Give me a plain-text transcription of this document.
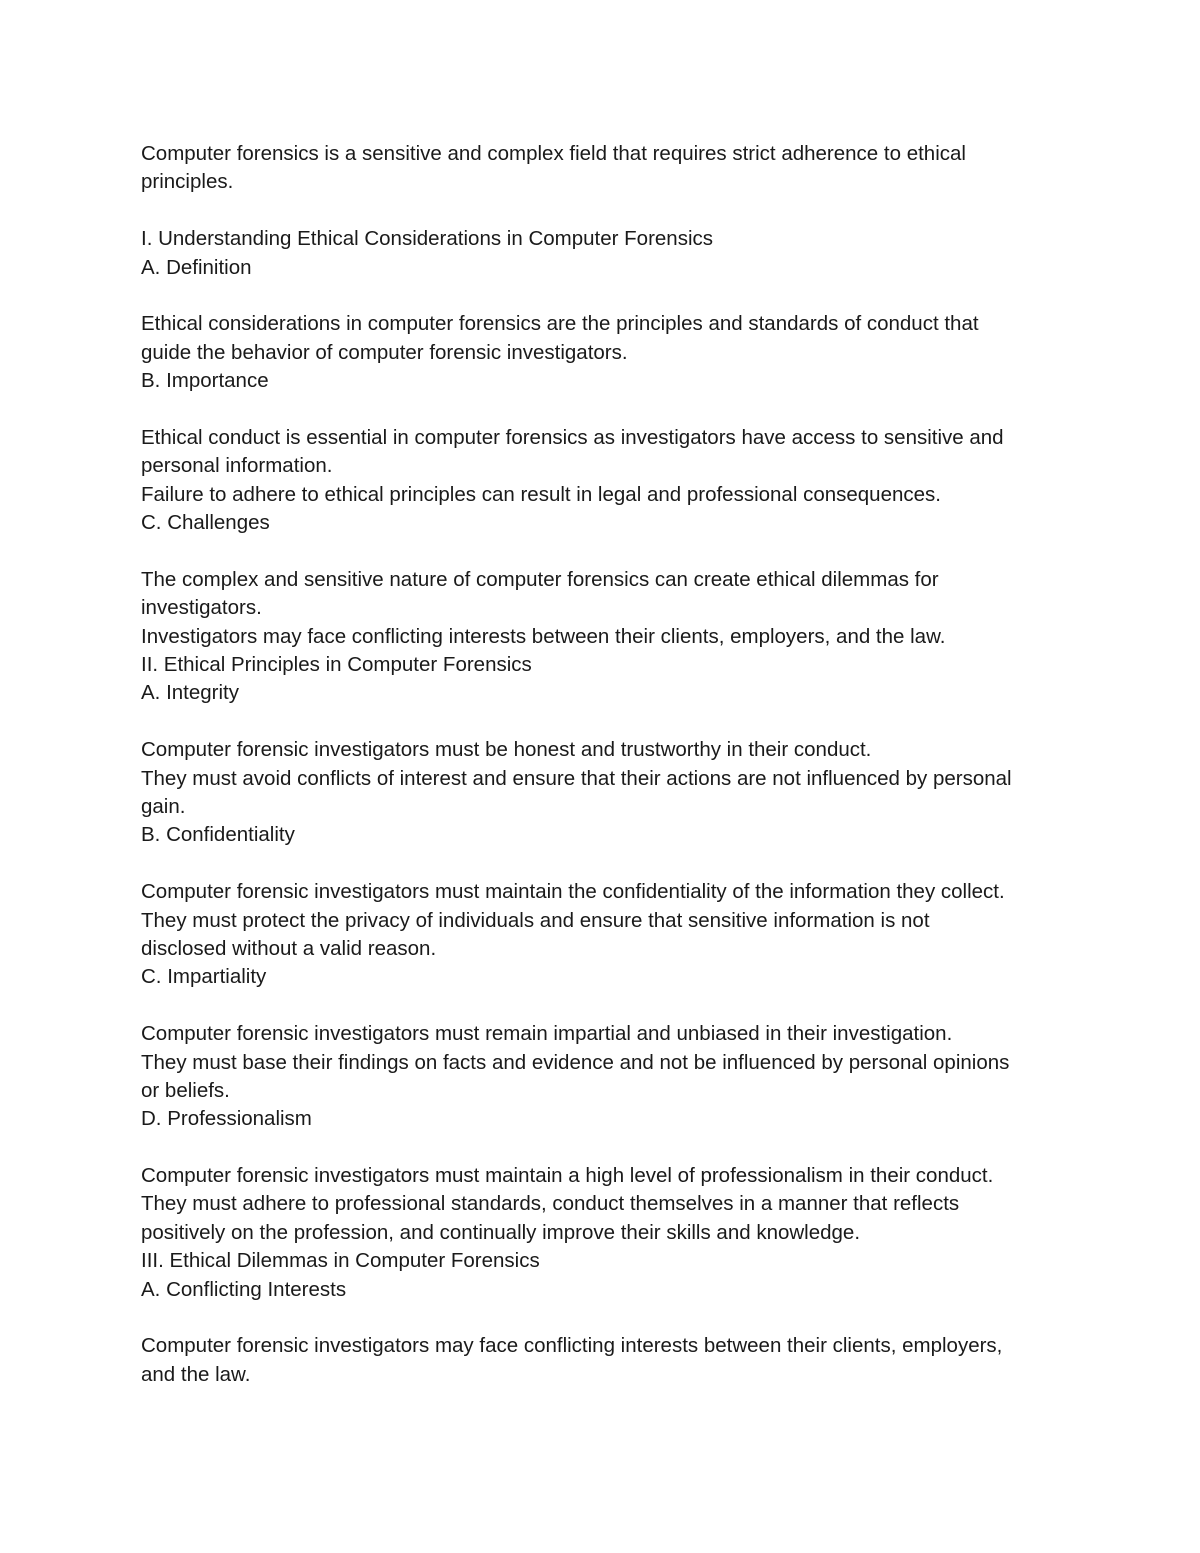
Computer forensics is a sensitive and complex field that requires strict adherence to ethical
principles.
I. Understanding Ethical Considerations in Computer Forensics
A. Definition
Ethical considerations in computer forensics are the principles and standards of conduct that
guide the behavior of computer forensic investigators.
B. Importance
Ethical conduct is essential in computer forensics as investigators have access to sensitive and
personal information.
Failure to adhere to ethical principles can result in legal and professional consequences.
C. Challenges
The complex and sensitive nature of computer forensics can create ethical dilemmas for
investigators.
Investigators may face conflicting interests between their clients, employers, and the law.
II. Ethical Principles in Computer Forensics
A. Integrity
Computer forensic investigators must be honest and trustworthy in their conduct.
They must avoid conflicts of interest and ensure that their actions are not influenced by personal
gain.
B. Confidentiality
Computer forensic investigators must maintain the confidentiality of the information they collect.
They must protect the privacy of individuals and ensure that sensitive information is not
disclosed without a valid reason.
C. Impartiality
Computer forensic investigators must remain impartial and unbiased in their investigation.
They must base their findings on facts and evidence and not be influenced by personal opinions
or beliefs.
D. Professionalism
Computer forensic investigators must maintain a high level of professionalism in their conduct.
They must adhere to professional standards, conduct themselves in a manner that reflects
positively on the profession, and continually improve their skills and knowledge.
III. Ethical Dilemmas in Computer Forensics
A. Conflicting Interests
Computer forensic investigators may face conflicting interests between their clients, employers,
and the law.
